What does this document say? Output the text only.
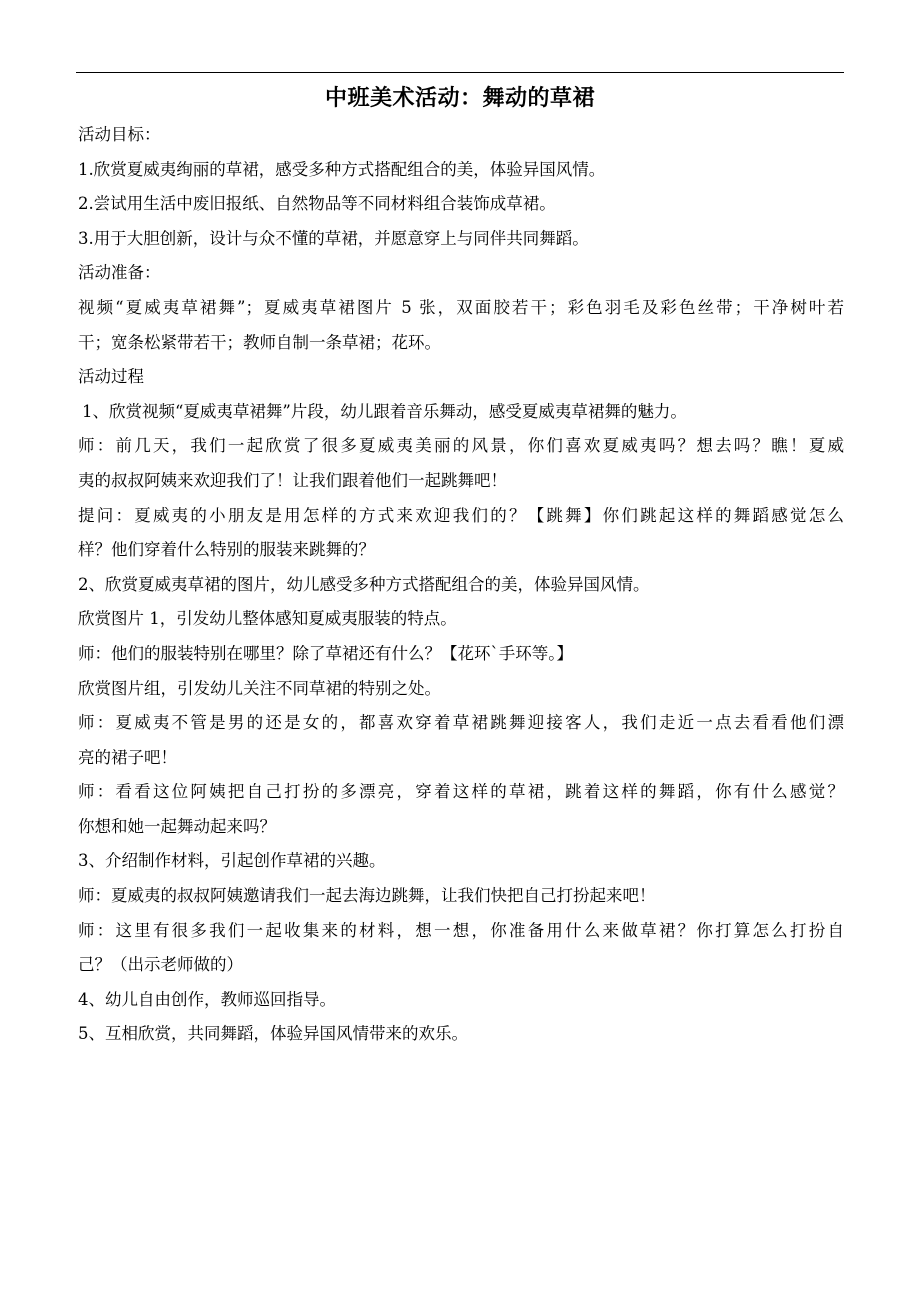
中班美术活动：舞动的草裙
活动目标：
1.欣赏夏威夷绚丽的草裙，感受多种方式搭配组合的美，体验异国风情。
2.尝试用生活中废旧报纸、自然物品等不同材料组合装饰成草裙。
3.用于大胆创新，设计与众不懂的草裙，并愿意穿上与同伴共同舞蹈。
活动准备：
视频“夏威夷草裙舞”；夏威夷草裙图片 5 张，双面胶若干；彩色羽毛及彩色丝带；干净树叶若
干；宽条松紧带若干；教师自制一条草裙；花环。
活动过程
1、欣赏视频“夏威夷草裙舞”片段，幼儿跟着音乐舞动，感受夏威夷草裙舞的魅力。
师：前几天，我们一起欣赏了很多夏威夷美丽的风景，你们喜欢夏威夷吗？想去吗？瞧！夏威
夷的叔叔阿姨来欢迎我们了！让我们跟着他们一起跳舞吧！
提问：夏威夷的小朋友是用怎样的方式来欢迎我们的？【跳舞】你们跳起这样的舞蹈感觉怎么
样？他们穿着什么特别的服装来跳舞的？
2、欣赏夏威夷草裙的图片，幼儿感受多种方式搭配组合的美，体验异国风情。
欣赏图片 1，引发幼儿整体感知夏威夷服装的特点。
师：他们的服装特别在哪里？除了草裙还有什么？【花环`手环等。】
欣赏图片组，引发幼儿关注不同草裙的特别之处。
师：夏威夷不管是男的还是女的，都喜欢穿着草裙跳舞迎接客人，我们走近一点去看看他们漂
亮的裙子吧！
师：看看这位阿姨把自己打扮的多漂亮，穿着这样的草裙，跳着这样的舞蹈，你有什么感觉？
你想和她一起舞动起来吗？
3、介绍制作材料，引起创作草裙的兴趣。
师：夏威夷的叔叔阿姨邀请我们一起去海边跳舞，让我们快把自己打扮起来吧！
师：这里有很多我们一起收集来的材料，想一想，你准备用什么来做草裙？你打算怎么打扮自
己？（出示老师做的）
4、幼儿自由创作，教师巡回指导。
5、互相欣赏，共同舞蹈，体验异国风情带来的欢乐。
